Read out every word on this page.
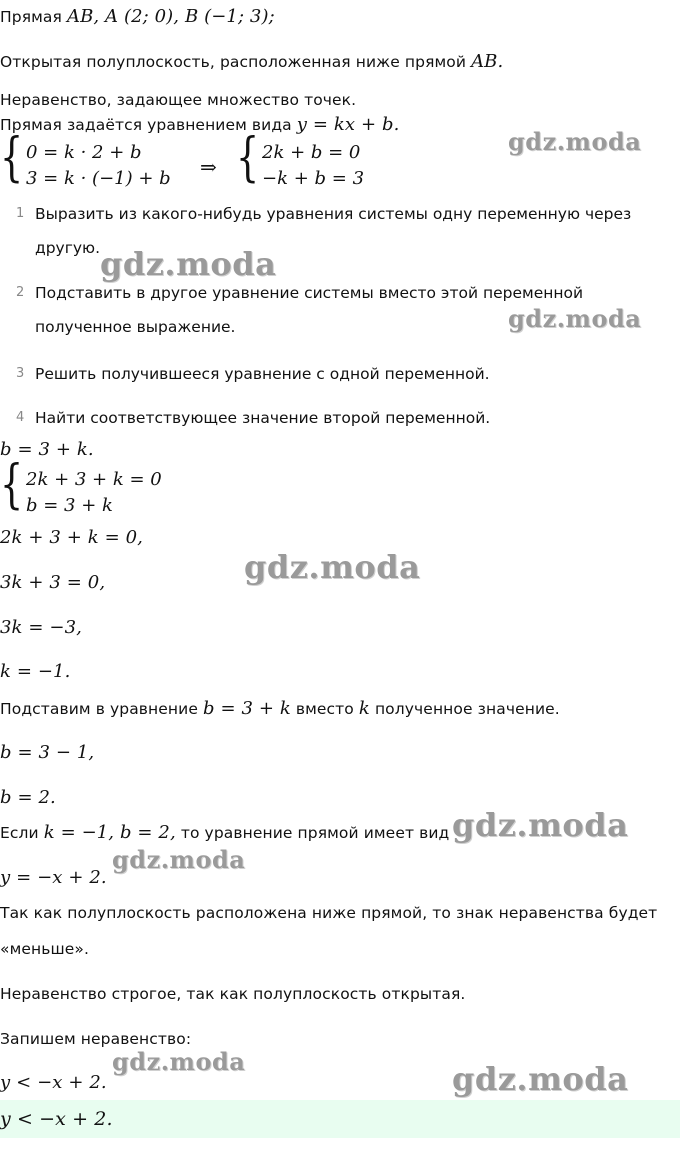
Прямая AB, A (2; 0), B (−1; 3);
Открытая полуплоскость, расположенная ниже прямой AB.
Неравенство, задающее множество точек.
Прямая задаётся уравнением вида y = kx + b.
{ 0 = k · 2 + b
3 = k · (−1) + b ⇒ { 2k + b = 0
−k + b = 3
1 Выразить из какого-нибудь уравнения системы одну переменную через
другую.
2 Подставить в другое уравнение системы вместо этой переменной
полученное выражение.
3 Решить получившееся уравнение с одной переменной.
4 Найти соответствующее значение второй переменной.
b = 3 + k.
{ 2k + 3 + k = 0
b = 3 + k
2k + 3 + k = 0,
3k + 3 = 0,
3k = −3,
k = −1.
Подставим в уравнение b = 3 + k вместо k полученное значение.
b = 3 − 1,
b = 2.
Если k = −1, b = 2, то уравнение прямой имеет вид
y = −x + 2.
Так как полуплоскость расположена ниже прямой, то знак неравенства будет
«меньше».
Неравенство строгое, так как полуплоскость открытая.
Запишем неравенство:
y < −x + 2.
y < −x + 2.
gdz.moda
gdz.moda
gdz.moda
gdz.moda
gdz.moda
gdz.moda
gdz.moda	gdz.moda
